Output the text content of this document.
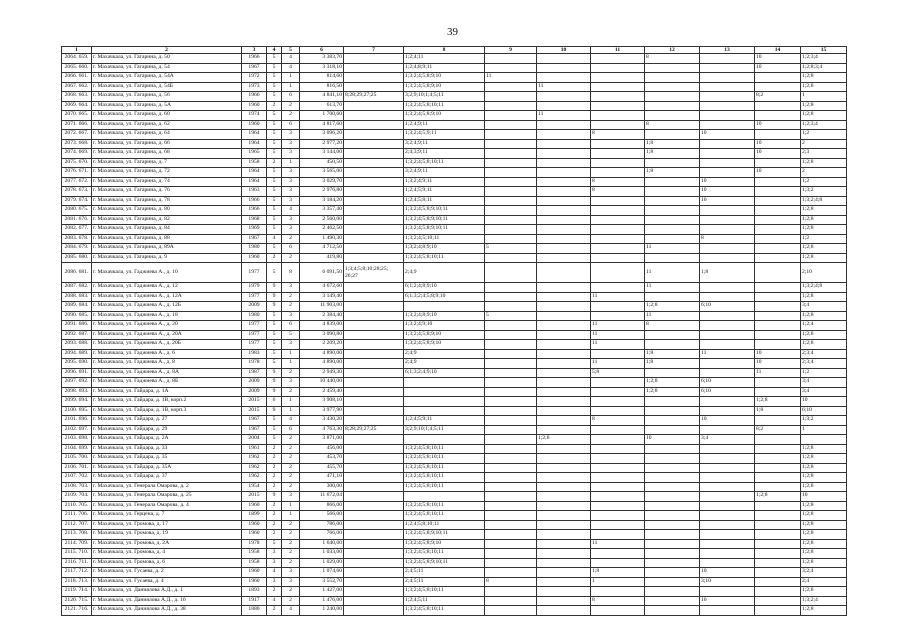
39
1	2	3	4	5	6	7	8	9	10	11	12	13	14	15
2064. 659.	г. Махачкала, ул. Гагарина, д. 50	1966	5	4	3 383,70		1;2;4;11				8		10	1;2;3;4
2065. 660.	г. Махачкала, ул. Гагарина, д. 54	1967	5	4	3 318,10		1;2;4;8;9;11						10	1;2;8;3;4
2066. 661.	г. Махачкала, ул. Гагарина, д. 54А	1972	5	1	814,60		1;3;2;4;5;8;9;10	11						1;2;8
2067. 662.	г. Махачкала, ул. Гагарина, д. 54Б	1973	5	1	816,50		1;3;2;4;5;8;9;10		11					1;2;8
2068. 663.	г. Махачкала, ул. Гагарина, д. 56	1966	5	6	4 841,10	8;28;29;27;25	3;2;9;10;1;4;5;11						8;2	1
2069. 664.	г. Махачкала, ул. Гагарина, д. 5А	1960	2	2	613,70		1;3;2;4;5;8;10;11							1;2;8
2070. 665.	г. Махачкала, ул. Гагарина, д. 60	1974	5	2	1 700,60		1;3;2;4;5;8;9;10		11					1;2;8
2071. 666.	г. Махачкала, ул. Гагарина, д. 62	1960	5	6	4 817,60		1;2;4;9;11				8		10	1;2;3;4
2072. 667.	г. Махачкала, ул. Гагарина, д. 64	1964	5	3	3 096,20		1;3;2;4;5;9;11			8		10		1;2
2073. 668.	г. Махачкала, ул. Гагарина, д. 66	1964	5	3	2 977,20		3;2;4;9;11				1;8		10	2
2074. 669.	г. Махачкала, ул. Гагарина, д. 68	1965	5	3	3 144,00		2;4;3;9;11				1;8		10	2;3
2075. 670.	г. Махачкала, ул. Гагарина, д. 7	1958	2	1	450,50		1;3;2;4;5;8;10;11							1;2;8
2076. 671.	г. Махачкала, ул. Гагарина, д. 72	1964	5	3	3 565,00		3;2;4;9;11				1;8		10	2
2077. 672.	г. Махачкала, ул. Гагарина, д. 74	1964	5	3	3 029,70		1;3;2;4;9;11			8		10		1;2
2078. 673.	г. Махачкала, ул. Гагарина, д. 76	1963	5	3	2 976,80		1;2;4;5;9;11			8		10		1;3;2
2079. 674.	г. Махачкала, ул. Гагарина, д. 78	1966	5	3	3 184,20		1;2;4;5;8;11					10		1;3;2;4;8
2080. 675.	г. Махачкала, ул. Гагарина, д. 80	1966	5	4	3 357,40		1;3;2;4;5;8;9;10;11							1;2;8
2081. 676.	г. Махачкала, ул. Гагарина, д. 82	1968	5	3	2 560,00		1;3;2;4;5;8;9;10;11							1;2;8
2082. 677.	г. Махачкала, ул. Гагарина, д. 84	1969	5	3	2 462,50		1;3;2;4;5;8;9;10;11							1;2;8
2083. 678.	г. Махачкала, ул. Гагарина, д. 88	1967	4	2	1 490,30		1;3;2;4;5;10;11					8		1;2
2084. 679.	г. Махачкала, ул. Гагарина, д. 89А	1980	5	6	4 712,50		1;3;2;4;8;9;10	5			11			1;2;8
2085. 680.	г. Махачкала, ул. Гагарина, д. 9	1960	2	2	419,80		1;3;2;4;5;8;10;11							1;2;8
2086. 681.	г. Махачкала, ул. Гаджиева А., д. 10	1977	5	8	6 091,50	1;3;4;5;8;10;28;25; 26;27	2;4;9				11	1;8		2;10
2087. 682.	г. Махачкала, ул. Гаджиева А., д. 12	1979	9	3	4 672,60		6;1;2;4;8;9;10				11			1;3;2;4;8
2088. 683.	г. Махачкала, ул. Гаджиева А., д. 12А	1977	9	2	3 149,40		6;1;3;2;4;5;8;9;10			11				1;2;8
2089. 684.	г. Махачкала, ул. Гаджиева А., д. 12Б	2009	9	2	11 903,00						1;2;8	6;10		3;4
2090. 685.	г. Махачкала, ул. Гаджиева А., д. 18	1980	5	3	2 384,40		1;3;2;4;8;9;10	5			11			1;2;8
2091. 686.	г. Махачкала, ул. Гаджиева А., д. 20	1977	5	6	4 839,00		1;3;2;4;9;10			11	8			1;2;4
2092. 687.	г. Махачкала, ул. Гаджиева А., д. 20А	1977	5	5	3 090,80		1;3;2;4;5;8;9;10			11				1;2;8
2093. 688.	г. Махачкала, ул. Гаджиева А., д. 20Б	1977	5	3	2 209,20		1;3;2;4;5;8;9;10			11				1;2;8
2094. 689.	г. Махачкала, ул. Гаджиева А., д. 6	1983	5	1	4 890,00		2;4;9				1;8	11	10	2;3;4
2095. 690.	г. Махачкала, ул. Гаджиева А., д. 8	1978	5	1	4 890,00		2;4;9			11	1;8		10	2;3;4
2096. 691.	г. Махачкала, ул. Гаджиева А., д. 8А	1987	9	2	2 949,30		6;1;3;2;4;9;10			5;8			11	1;2
2097. 692.	г. Махачкала, ул. Гаджиева А., д. 8Б	2009	9	3	10 440,00						1;2;8	6;10		3;4
2098. 693.	г. Махачкала, ул. Гайдара, д. 1А	2009	9	2	2 459,40						1;2;8	6;10		3;4
2099. 694.	г. Махачкала, ул. Гайдара, д. 1В, корп.2	2015	6	1	3 908,10								1;2;8	10
2100. 695.	г. Махачкала, ул. Гайдара, д. 1В, корп.3	2015	9	1	3 977,90								1;8	6;10
2101. 696.	г. Махачкала, ул. Гайдара, д. 27	1967	5	4	3 430,20		1;2;4;5;9;11			8		10		1;3;2
2102. 697.	г. Махачкала, ул. Гайдара, д. 29	1967	5	6	4 763,30	8;28;29;27;25	3;2;9;10;1;4;5;11						8;2	1
2103. 698.	г. Махачкала, ул. Гайдара, д. 2А	2004	5	2	3 871,00				1;2;8		10	3;4		
2104. 699.	г. Махачкала, ул. Гайдара, д. 33	1961	2	2	456,00		1;3;2;4;5;8;10;11							1;2;8
2105. 700.	г. Махачкала, ул. Гайдара, д. 35	1962	2	2	453,70		1;3;2;4;5;8;10;11							1;2;8
2106. 701.	г. Махачкала, ул. Гайдара, д. 35А	1962	2	2	455,70		1;3;2;4;5;8;10;11							1;2;8
2107. 702.	г. Махачкала, ул. Гайдара, д. 37	1962	2	2	471,10		1;3;2;4;5;8;10;11							1;2;8
2108. 703.	г. Махачкала, ул. Генерала Омарова, д. 2	1954	2	2	300,00		1;3;2;4;5;8;10;11							1;2;8
2109. 704.	г. Махачкала, ул. Генерала Омарова, д. 25	2015	9	3	11 672,04								1;2;8	10
2110. 705.	г. Махачкала, ул. Генерала Омарова, д. 4	1960	2	1	866,00		1;3;2;4;5;8;10;11							1;2;8
2111. 706.	г. Махачкала, ул. Герцена, д. 7	1899	2	1	566,00		1;3;2;4;5;8;10;11							1;2;8
2112. 707.	г. Махачкала, ул. Громова, д. 17	1960	2	2	786,00		1;2;4;5;8;10;11							1;2;8
2113. 708.	г. Махачкала, ул. Громова, д. 19	1960	2	2	766,00		1;3;2;4;5;8;9;10;11							1;2;8
2114. 709.	г. Махачкала, ул. Громова, д. 2А	1978	5	2	1 640,00		1;3;2;4;5;8;9;10			11				1;2;8
2115. 710.	г. Махачкала, ул. Громова, д. 4	1958	3	2	1 033,00		1;3;2;4;5;8;10;11							1;2;8
2116. 711.	г. Махачкала, ул. Громова, д. 6	1958	3	2	1 029,00		1;3;2;4;5;8;9;10;11							1;2;8
2117. 712.	г. Махачкала, ул. Гусаева, д. 2	1960	4	3	1 074,60		2;4;5;11			1;8		10		3;2;4
2118. 713.	г. Махачкала, ул. Гусаева, д. 4	1960	3	3	3 552,70		2;4;5;11	8		1		3;10		2;4
2119. 714.	г. Махачкала, ул. Даниялова А.Д., д. 1	1893	2	2	1 427,00		1;3;2;4;5;8;10;11							1;2;8
2120. 715.	г. Махачкала, ул. Даниялова А.Д., д. 16	1917	4	2	1 476,00		1;2;4;5;11			8		10		1;3;2;4
2121. 716.	г. Махачкала, ул. Даниялова А.Д., д. 38	1880	2	4	1 240,00		1;3;2;4;5;8;10;11							1;2;8
